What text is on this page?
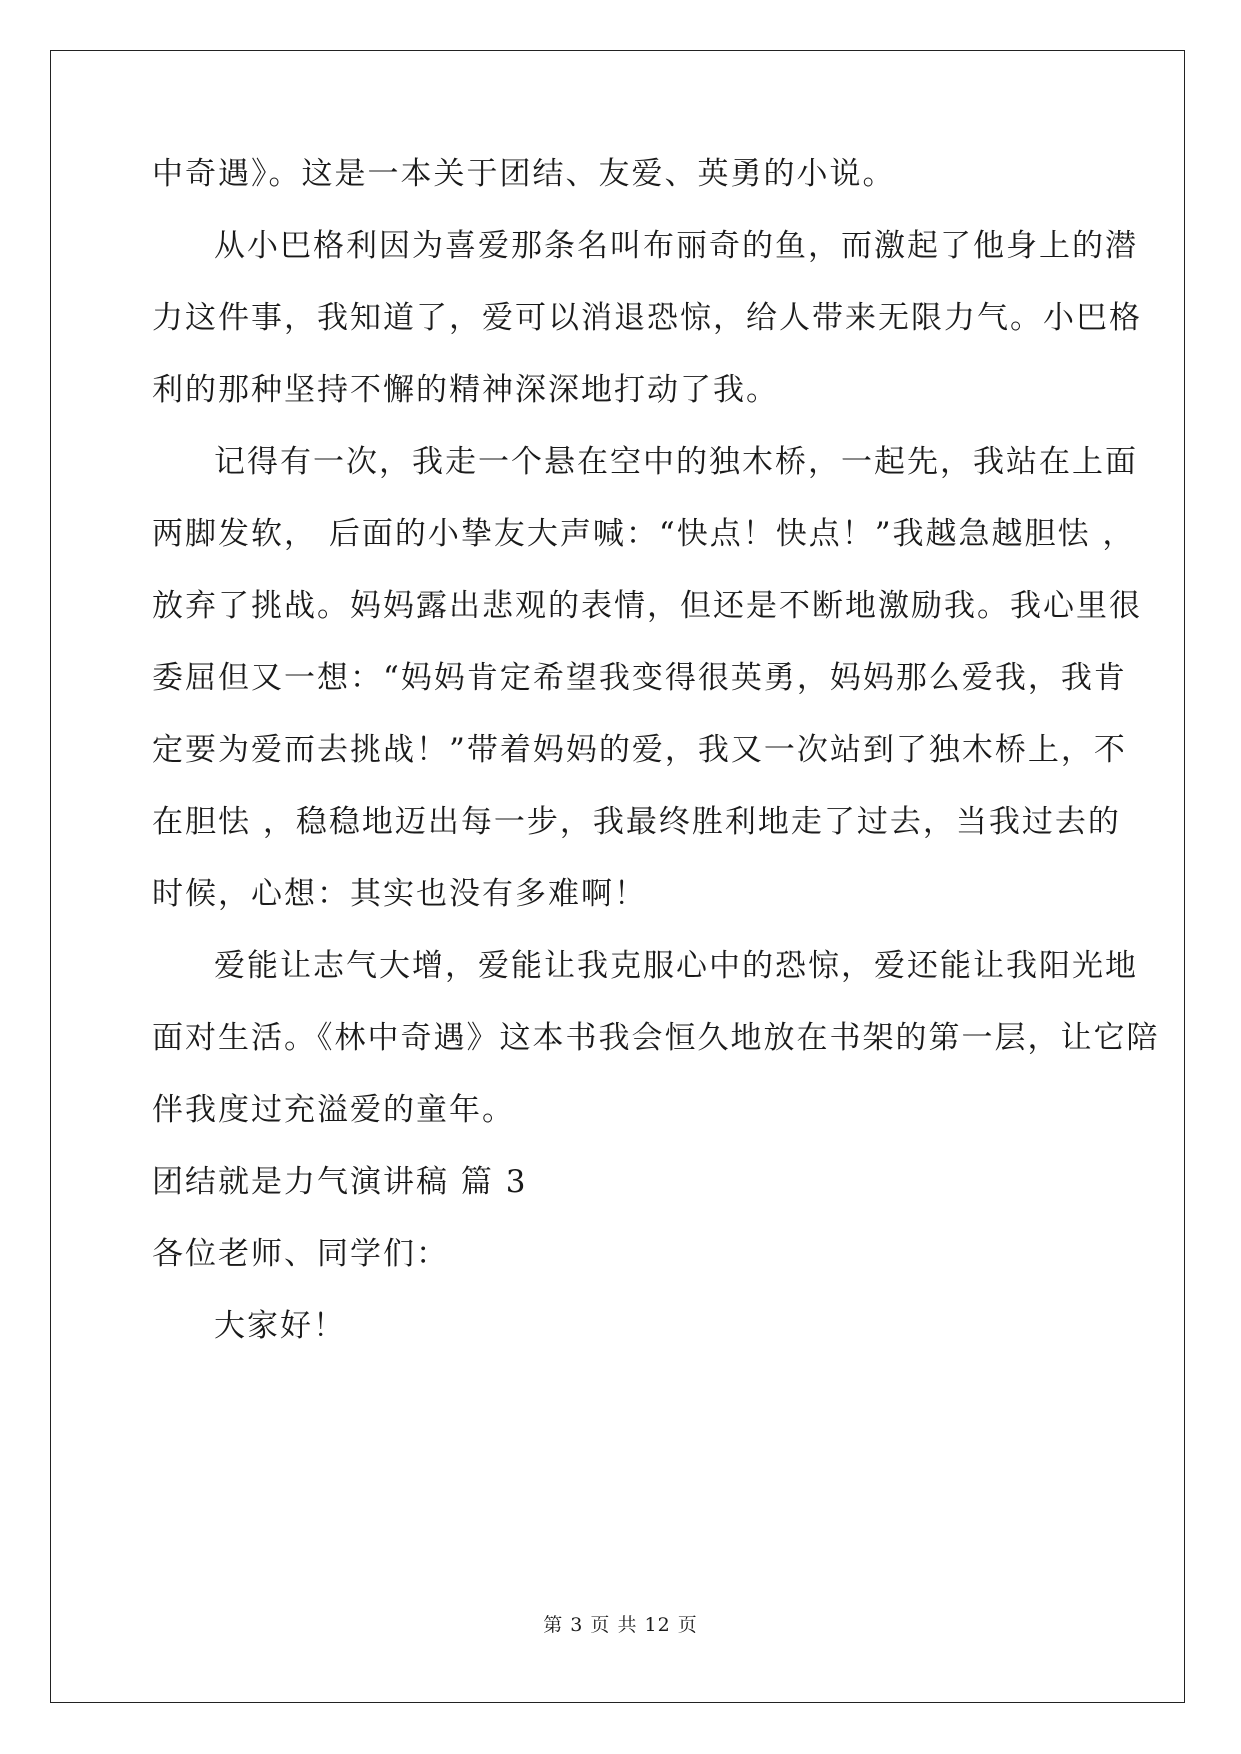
中奇遇》。这是一本关于团结、友爱、英勇的小说。
从小巴格利因为喜爱那条名叫布丽奇的鱼，而激起了他身上的潜
力这件事，我知道了，爱可以消退恐惊，给人带来无限力气。小巴格
利的那种坚持不懈的精神深深地打动了我。
记得有一次，我走一个悬在空中的独木桥，一起先，我站在上面
两脚发软， 后面的小挚友大声喊：“快点！快点！”我越急越胆怯 ，
放弃了挑战。妈妈露出悲观的表情，但还是不断地激励我。我心里很
委屈但又一想：“妈妈肯定希望我变得很英勇，妈妈那么爱我，我肯
定要为爱而去挑战！”带着妈妈的爱，我又一次站到了独木桥上，不
在胆怯 ，稳稳地迈出每一步，我最终胜利地走了过去，当我过去的
时候，心想：其实也没有多难啊！
爱能让志气大增，爱能让我克服心中的恐惊，爱还能让我阳光地
面对生活。《林中奇遇》这本书我会恒久地放在书架的第一层，让它陪
伴我度过充溢爱的童年。
团结就是力气演讲稿 篇 3
各位老师、同学们：
大家好！
第 3 页 共 12 页
